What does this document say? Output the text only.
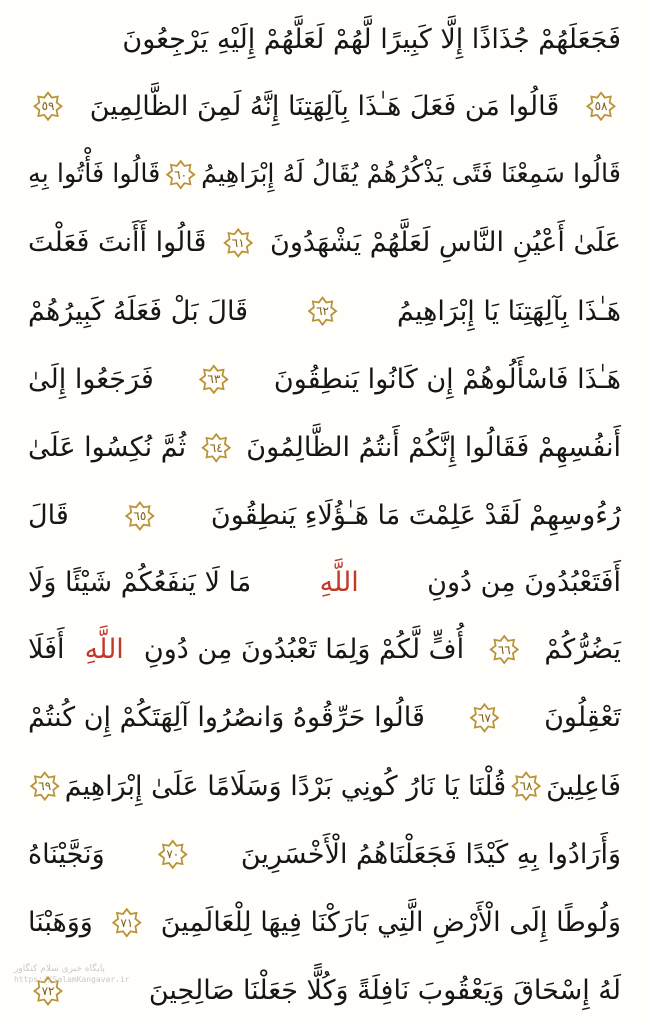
فَجَعَلَهُمْ جُذَاذًا إِلَّا كَبِيرًا لَّهُمْ لَعَلَّهُمْ إِلَيْهِ يَرْجِعُونَ
٥٨
قَالُوا مَن فَعَلَ هَـٰذَا بِآلِهَتِنَا إِنَّهُ لَمِنَ الظَّالِمِينَ
٥٩
قَالُوا سَمِعْنَا فَتًى يَذْكُرُهُمْ يُقَالُ لَهُ إِبْرَاهِيمُ
٦٠
قَالُوا فَأْتُوا بِهِ
عَلَىٰ أَعْيُنِ النَّاسِ لَعَلَّهُمْ يَشْهَدُونَ
٦١
قَالُوا أَأَنتَ فَعَلْتَ
هَـٰذَا بِآلِهَتِنَا يَا إِبْرَاهِيمُ
٦٢
قَالَ بَلْ فَعَلَهُ كَبِيرُهُمْ
هَـٰذَا فَاسْأَلُوهُمْ إِن كَانُوا يَنطِقُونَ
٦٣
فَرَجَعُوا إِلَىٰ
أَنفُسِهِمْ فَقَالُوا إِنَّكُمْ أَنتُمُ الظَّالِمُونَ
٦٤
ثُمَّ نُكِسُوا عَلَىٰ
رُءُوسِهِمْ لَقَدْ عَلِمْتَ مَا هَـٰؤُلَاءِ يَنطِقُونَ
٦٥
قَالَ
أَفَتَعْبُدُونَ مِن دُونِ
اللَّهِ
مَا لَا يَنفَعُكُمْ شَيْئًا وَلَا
يَضُرُّكُمْ
٦٦
أُفٍّ لَّكُمْ وَلِمَا تَعْبُدُونَ مِن دُونِ
اللَّهِ
أَفَلَا
تَعْقِلُونَ
٦٧
قَالُوا حَرِّقُوهُ وَانصُرُوا آلِهَتَكُمْ إِن كُنتُمْ
فَاعِلِينَ
٦٨
قُلْنَا يَا نَارُ كُونِي بَرْدًا وَسَلَامًا عَلَىٰ إِبْرَاهِيمَ
٦٩
وَأَرَادُوا بِهِ كَيْدًا فَجَعَلْنَاهُمُ الْأَخْسَرِينَ
٧٠
وَنَجَّيْنَاهُ
وَلُوطًا إِلَى الْأَرْضِ الَّتِي بَارَكْنَا فِيهَا لِلْعَالَمِينَ
٧١
وَوَهَبْنَا
لَهُ إِسْحَاقَ وَيَعْقُوبَ نَافِلَةً وَكُلًّا جَعَلْنَا صَالِحِينَ
٧٢
پایگاه خبری سلام کنگاور
https://SalamKangavar.ir
